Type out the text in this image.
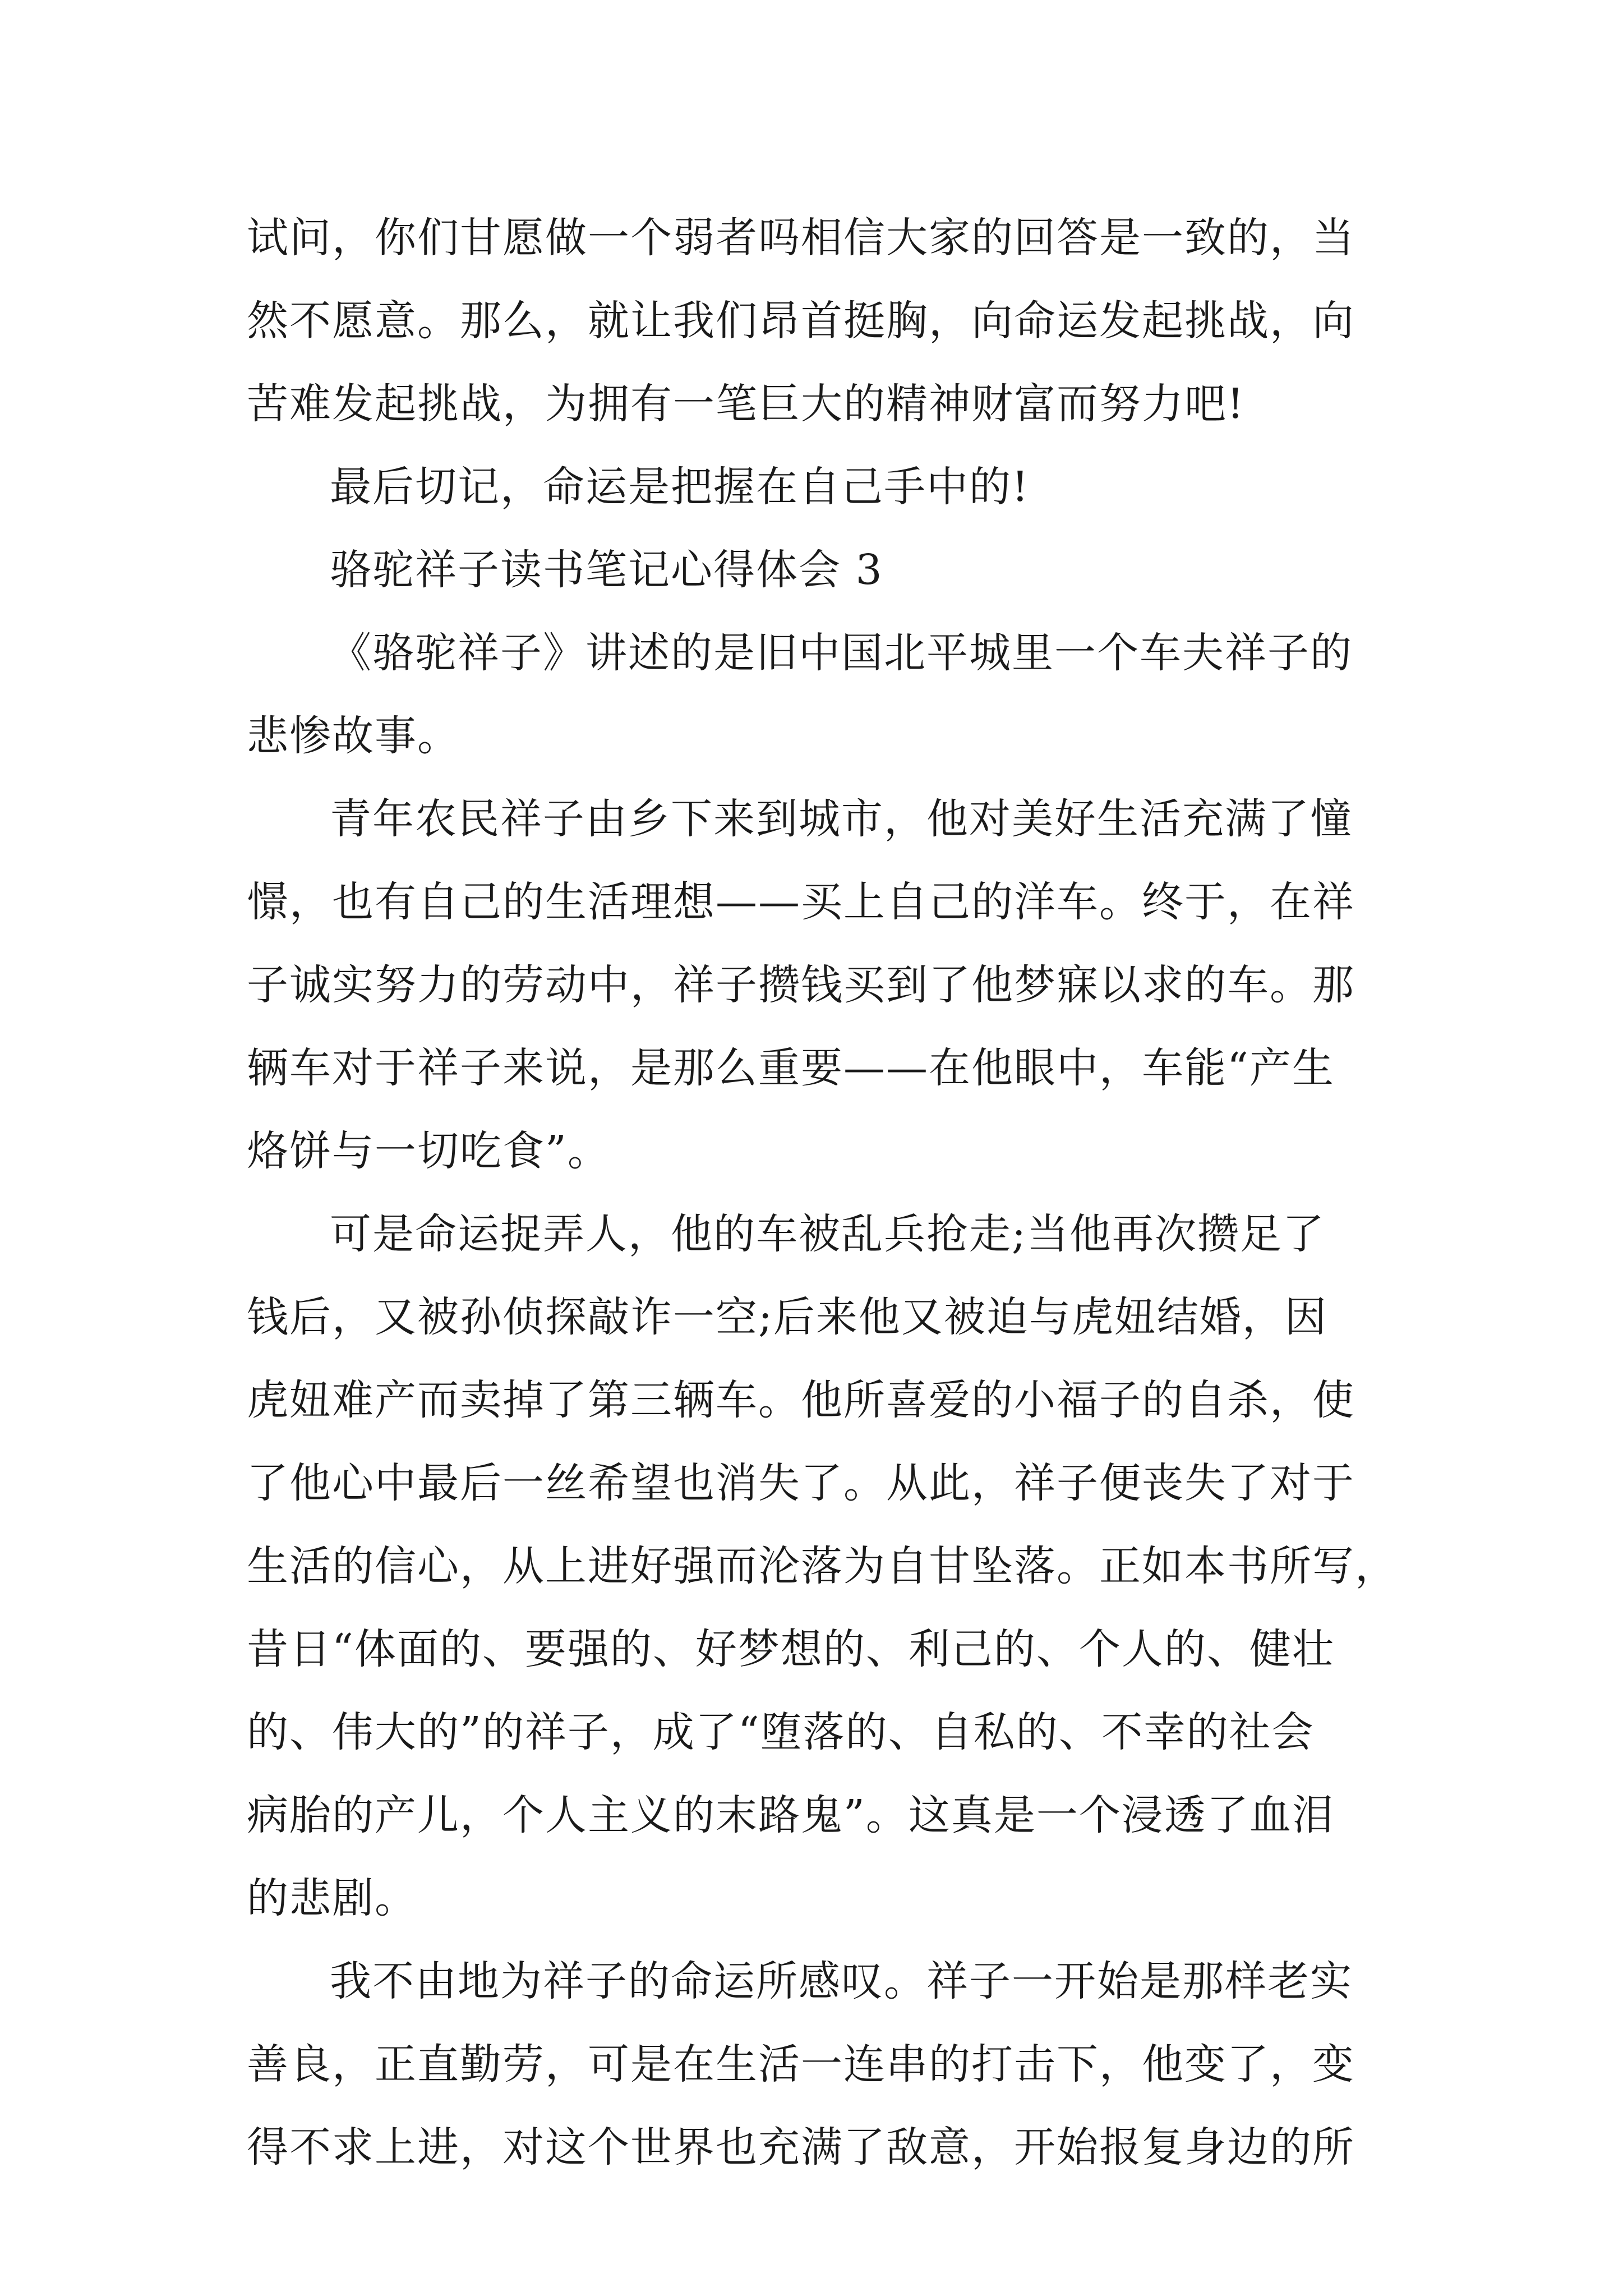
试问，你们甘愿做一个弱者吗相信大家的回答是一致的，当
然不愿意。那么，就让我们昂首挺胸，向命运发起挑战，向
苦难发起挑战，为拥有一笔巨大的精神财富而努力吧!

最后切记，命运是把握在自己手中的!

骆驼祥子读书笔记心得体会 3

《骆驼祥子》讲述的是旧中国北平城里一个车夫祥子的
悲惨故事。

青年农民祥子由乡下来到城市，他对美好生活充满了憧
憬，也有自己的生活理想——买上自己的洋车。终于，在祥
子诚实努力的劳动中，祥子攒钱买到了他梦寐以求的车。那
辆车对于祥子来说，是那么重要——在他眼中，车能“产生
烙饼与一切吃食”。

可是命运捉弄人，他的车被乱兵抢走;当他再次攒足了
钱后，又被孙侦探敲诈一空;后来他又被迫与虎妞结婚，因
虎妞难产而卖掉了第三辆车。他所喜爱的小福子的自杀，使
了他心中最后一丝希望也消失了。从此，祥子便丧失了对于
生活的信心，从上进好强而沦落为自甘坠落。正如本书所写，
昔日“体面的、要强的、好梦想的、利己的、个人的、健壮
的、伟大的”的祥子，成了“堕落的、自私的、不幸的社会
病胎的产儿，个人主义的末路鬼”。这真是一个浸透了血泪
的悲剧。

我不由地为祥子的命运所感叹。祥子一开始是那样老实
善良，正直勤劳，可是在生活一连串的打击下，他变了，变
得不求上进，对这个世界也充满了敌意，开始报复身边的所
